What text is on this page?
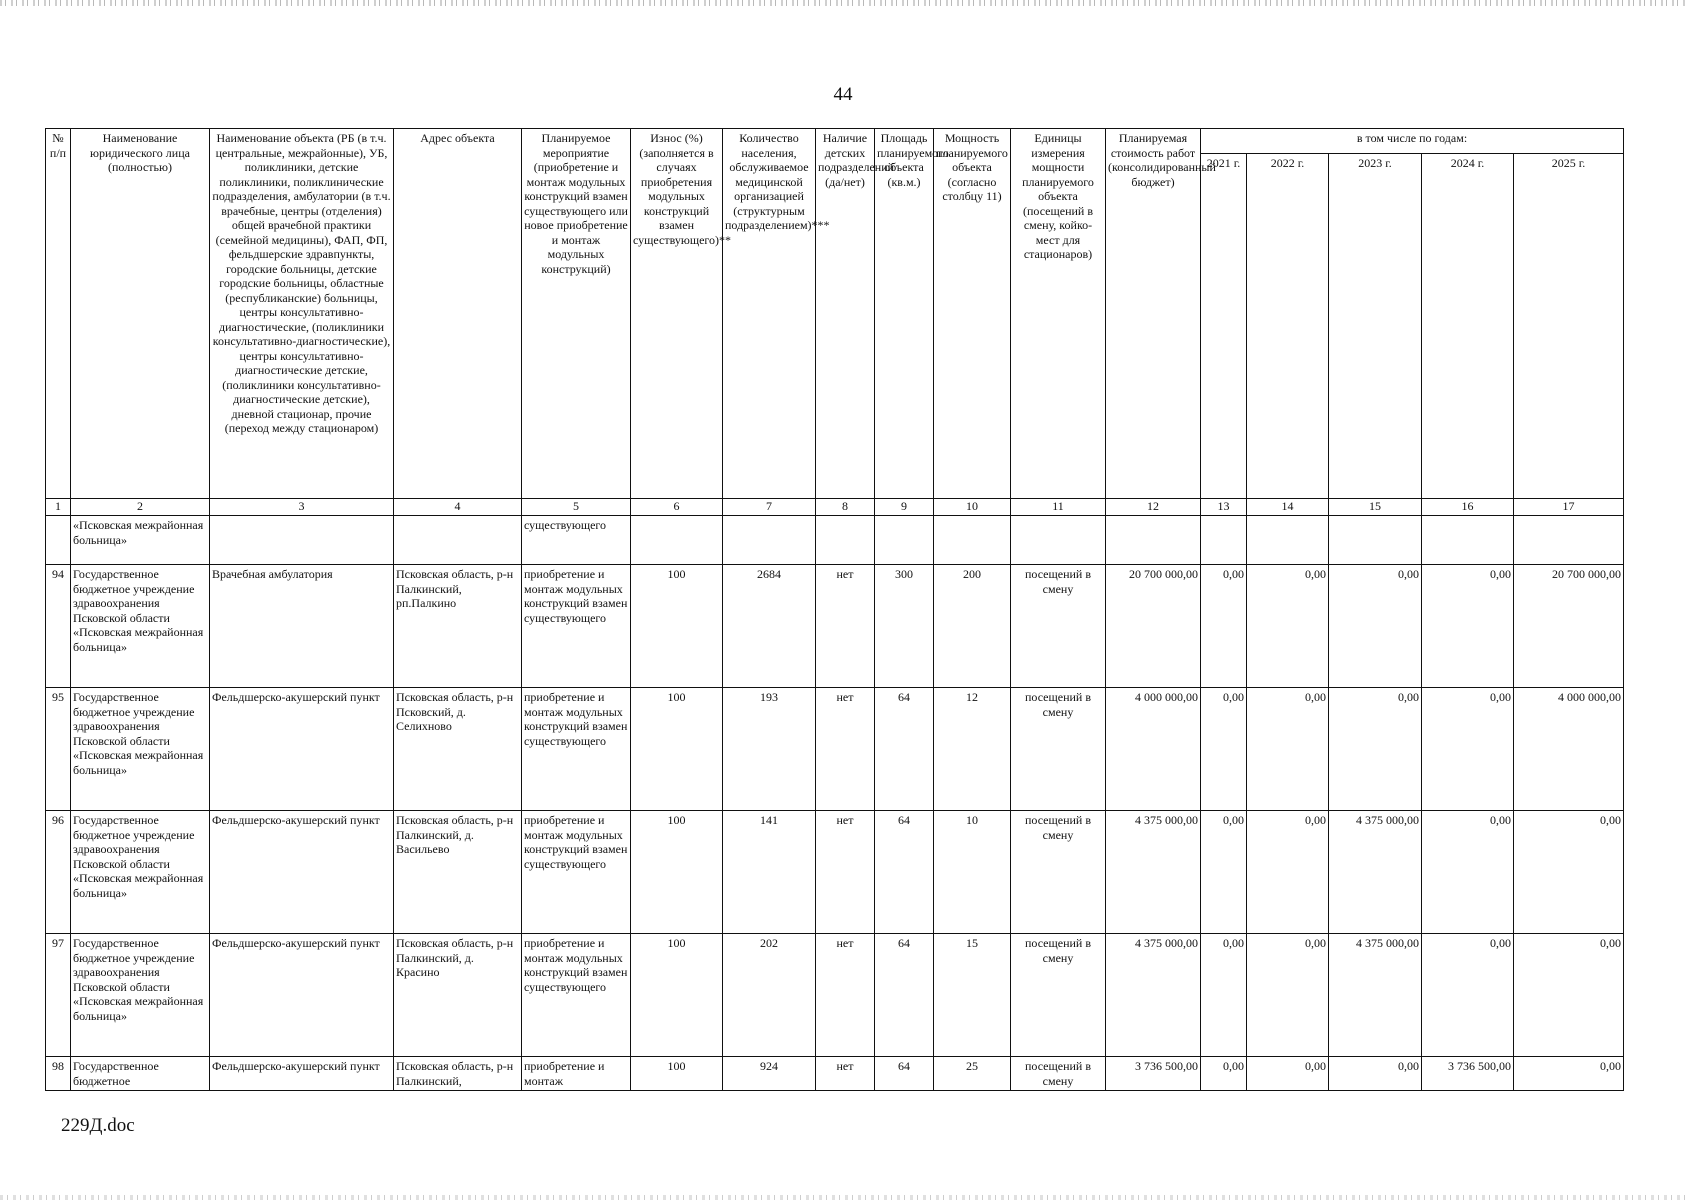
44
№ п/п	Наименование юридического лица (полностью)	Наименование объекта (РБ (в т.ч. центральные, межрайонные), УБ, поликлиники, детские поликлиники, поликлинические подразделения, амбулатории (в т.ч. врачебные, центры (отделения) общей врачебной практики (семейной медицины), ФАП, ФП, фельдшерские здравпункты, городские больницы, детские городские больницы, областные (республиканские) больницы, центры консультативно-диагностические, (поликлиники консультативно-диагностические), центры консультативно-диагностические детские, (поликлиники консультативно-диагностические детские), дневной стационар, прочие (переход между стационаром)	Адрес объекта	Планируемое мероприятие (приобретение и монтаж модульных конструкций взамен существующего или новое приобретение и монтаж модульных конструкций)	Износ (%) (заполняется в случаях приобретения модульных конструкций взамен существующего)**	Количество населения, обслуживаемое медицинской организацией (структурным подразделением)***	Наличие детских подразделений (да/нет)	Площадь планируемого объекта (кв.м.)	Мощность планируемого объекта (согласно столбцу 11)	Единицы измерения мощности планируемого объекта (посещений в смену, койко-мест для стационаров)	Планируемая стоимость работ (консолидированный бюджет)	в том числе по годам:				
												2021 г.	2022 г.	2023 г.	2024 г.	2025 г.
1	2	3	4	5	6	7	8	9	10	11	12	13	14	15	16	17
	«Псковская межрайонная больница»			существующего												
94	Государственное бюджетное учреждение здравоохранения Псковской области «Псковская межрайонная больница»	Врачебная амбулатория	Псковская область, р-н Палкинский, рп.Палкино	приобретение и монтаж модульных конструкций взамен существующего	100	2684	нет	300	200	посещений в смену	20 700 000,00	0,00	0,00	0,00	0,00	20 700 000,00
95	Государственное бюджетное учреждение здравоохранения Псковской области «Псковская межрайонная больница»	Фельдшерско-акушерский пункт	Псковская область, р-н Псковский, д. Селихново	приобретение и монтаж модульных конструкций взамен существующего	100	193	нет	64	12	посещений в смену	4 000 000,00	0,00	0,00	0,00	0,00	4 000 000,00
96	Государственное бюджетное учреждение здравоохранения Псковской области «Псковская межрайонная больница»	Фельдшерско-акушерский пункт	Псковская область, р-н Палкинский, д. Васильево	приобретение и монтаж модульных конструкций взамен существующего	100	141	нет	64	10	посещений в смену	4 375 000,00	0,00	0,00	4 375 000,00	0,00	0,00
97	Государственное бюджетное учреждение здравоохранения Псковской области «Псковская межрайонная больница»	Фельдшерско-акушерский пункт	Псковская область, р-н Палкинский, д. Красино	приобретение и монтаж модульных конструкций взамен существующего	100	202	нет	64	15	посещений в смену	4 375 000,00	0,00	0,00	4 375 000,00	0,00	0,00
98	Государственное бюджетное	Фельдшерско-акушерский пункт	Псковская область, р-н Палкинский,	приобретение и монтаж	100	924	нет	64	25	посещений в смену	3 736 500,00	0,00	0,00	0,00	3 736 500,00	0,00
229Д.doc
